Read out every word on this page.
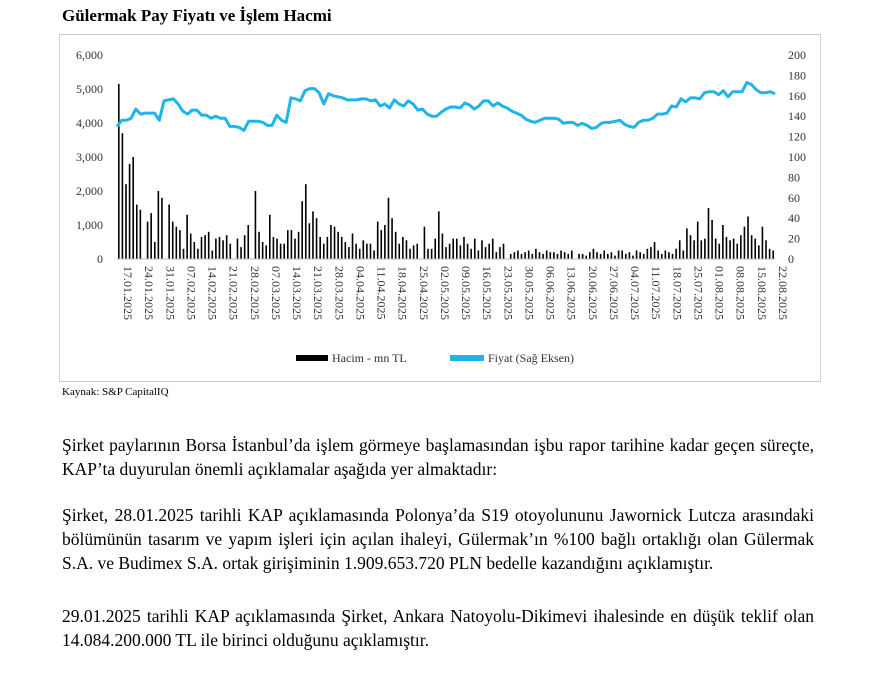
Gülermak Pay Fiyatı ve İşlem Hacmi
0
1,000
2,000
3,000
4,000
5,000
6,000
0
20
40
60
80
100
120
140
160
180
200
17.01.2025 24.01.2025 31.01.2025 07.02.2025 14.02.2025 21.02.2025 28.02.2025 07.03.2025 14.03.2025 21.03.2025 28.03.2025 04.04.2025 11.04.2025 18.04.2025 25.04.2025 02.05.2025 09.05.2025 16.05.2025 23.05.2025 30.05.2025 06.06.2025 13.06.2025 20.06.2025 27.06.2025 04.07.2025 11.07.2025 18.07.2025 25.07.2025 01.08.2025 08.08.2025 15.08.2025 22.08.2025
Hacim - mn TL	Fiyat (Sağ Eksen)
Kaynak: S&P CapitalIQ
Şirket paylarının Borsa İstanbul’da işlem görmeye başlamasından işbu rapor tarihine kadar geçen süreçte, KAP’ta duyurulan önemli açıklamalar aşağıda yer almaktadır:
Şirket, 28.01.2025 tarihli KAP açıklamasında Polonya’da S19 otoyolununu Jawornick Lutcza arasındaki bölümünün tasarım ve yapım işleri için açılan ihaleyi, Gülermak’ın %100 bağlı ortaklığı olan Gülermak S.A. ve Budimex S.A. ortak girişiminin 1.909.653.720 PLN bedelle kazandığını açıklamıştır.
29.01.2025 tarihli KAP açıklamasında Şirket, Ankara Natoyolu-Dikimevi ihalesinde en düşük teklif olan 14.084.200.000 TL ile birinci olduğunu açıklamıştır.
